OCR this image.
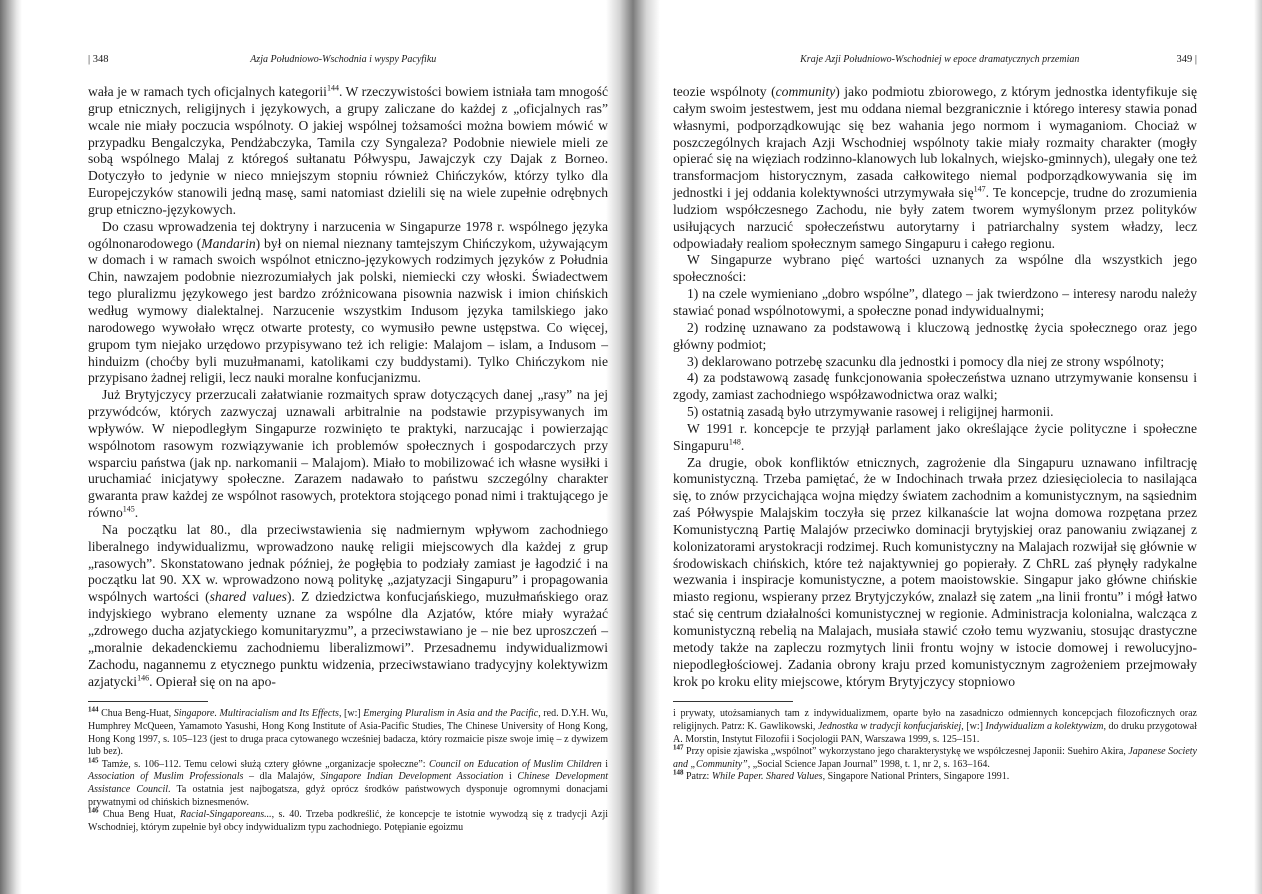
| 348	Azja Południowo-Wschodnia i wyspy Pacyfiku

wała je w ramach tych oficjalnych kategorii$^{144}$. W rzeczywistości bowiem istniała tam mnogość grup etnicznych, religijnych i językowych, a grupy zaliczane do każdej z „oficjalnych ras” wcale nie miały poczucia wspólnoty. O jakiej wspólnej tożsamości można bowiem mówić w przypadku Bengalczyka, Pendżabczyka, Tamila czy Syngaleza? Podobnie niewiele mieli ze sobą wspólnego Malaj z któregoś sułtanatu Półwyspu, Jawajczyk czy Dajak z Borneo. Dotyczyło to jedynie w nieco mniejszym stopniu również Chińczyków, którzy tylko dla Europejczyków stanowili jedną masę, sami natomiast dzielili się na wiele zupełnie odrębnych grup etniczno-językowych.

Do czasu wprowadzenia tej doktryny i narzucenia w Singapurze 1978 r. wspólnego języka ogólnonarodowego (Mandarin) był on niemal nieznany tamtejszym Chińczykom, używającym w domach i w ramach swoich wspólnot etniczno-językowych rodzimych języków z Południa Chin, nawzajem podobnie niezrozumiałych jak polski, niemiecki czy włoski. Świadectwem tego pluralizmu językowego jest bardzo zróżnicowana pisownia nazwisk i imion chińskich według wymowy dialektalnej. Narzucenie wszystkim Indusom języka tamilskiego jako narodowego wywołało wręcz otwarte protesty, co wymusiło pewne ustępstwa. Co więcej, grupom tym niejako urzędowo przypisywano też ich religie: Malajom – islam, a Indusom – hinduizm (choćby byli muzułmanami, katolikami czy buddystami). Tylko Chińczykom nie przypisano żadnej religii, lecz nauki moralne konfucjanizmu.

Już Brytyjczycy przerzucali załatwianie rozmaitych spraw dotyczących danej „rasy” na jej przywódców, których zazwyczaj uznawali arbitralnie na podstawie przypisywanych im wpływów. W niepodległym Singapurze rozwinięto te praktyki, narzucając i powierzając wspólnotom rasowym rozwiązywanie ich problemów społecznych i gospodarczych przy wsparciu państwa (jak np. narkomanii – Malajom). Miało to mobilizować ich własne wysiłki i uruchamiać inicjatywy społeczne. Zarazem nadawało to państwu szczególny charakter gwaranta praw każdej ze wspólnot rasowych, protektora stojącego ponad nimi i traktującego je równo$^{145}$.

Na początku lat 80., dla przeciwstawienia się nadmiernym wpływom zachodniego liberalnego indywidualizmu, wprowadzono naukę religii miejscowych dla każdej z grup „rasowych”. Skonstatowano jednak później, że pogłębia to podziały zamiast je łagodzić i na początku lat 90. XX w. wprowadzono nową politykę „azjatyzacji Singapuru” i propagowania wspólnych wartości (shared values). Z dziedzictwa konfucjańskiego, muzułmańskiego oraz indyjskiego wybrano elementy uznane za wspólne dla Azjatów, które miały wyrażać „zdrowego ducha azjatyckiego komunitaryzmu”, a przeciwstawiano je – nie bez uproszczeń – „moralnie dekadenckiemu zachodniemu liberalizmowi”. Przesadnemu indywidualizmowi Zachodu, nagannemu z etycznego punktu widzenia, przeciwstawiano tradycyjny kolektywizm azjatycki$^{146}$. Opierał się on na apo-

$^{144}$ Chua Beng-Huat, Singapore. Multiracialism and Its Effects, [w:] Emerging Pluralism in Asia and the Pacific, red. D.Y.H. Wu, Humphrey McQueen, Yamamoto Yasushi, Hong Kong Institute of Asia-Pacific Studies, The Chinese University of Hong Kong, Hong Kong 1997, s. 105–123 (jest to druga praca cytowanego wcześniej badacza, który rozmaicie pisze swoje imię – z dywizem lub bez).

$^{145}$ Tamże, s. 106–112. Temu celowi służą cztery główne „organizacje społeczne”: Council on Education of Muslim Children i Association of Muslim Professionals – dla Malajów, Singapore Indian Development Association i Chinese Development Assistance Council. Ta ostatnia jest najbogatsza, gdyż oprócz środków państwowych dysponuje ogromnymi donacjami prywatnymi od chińskich biznesmenów.

$^{146}$ Chua Beng Huat, Racial-Singaporeans..., s. 40. Trzeba podkreślić, że koncepcje te istotnie wywodzą się z tradycji Azji Wschodniej, którym zupełnie był obcy indywidualizm typu zachodniego. Potępianie egoizmu

Kraje Azji Południowo-Wschodniej w epoce dramatycznych przemian	349 |

teozie wspólnoty (community) jako podmiotu zbiorowego, z którym jednostka identyfikuje się całym swoim jestestwem, jest mu oddana niemal bezgranicznie i którego interesy stawia ponad własnymi, podporządkowując się bez wahania jego normom i wymaganiom. Chociaż w poszczególnych krajach Azji Wschodniej wspólnoty takie miały rozmaity charakter (mogły opierać się na więziach rodzinno-klanowych lub lokalnych, wiejsko-gminnych), ulegały one też transformacjom historycznym, zasada całkowitego niemal podporządkowywania się im jednostki i jej oddania kolektywności utrzymywała się$^{147}$. Te koncepcje, trudne do zrozumienia ludziom współczesnego Zachodu, nie były zatem tworem wymyślonym przez polityków usiłujących narzucić społeczeństwu autorytarny i patriarchalny system władzy, lecz odpowiadały realiom społecznym samego Singapuru i całego regionu.

W Singapurze wybrano pięć wartości uznanych za wspólne dla wszystkich jego społeczności:

1) na czele wymieniano „dobro wspólne”, dlatego – jak twierdzono – interesy narodu należy stawiać ponad wspólnotowymi, a społeczne ponad indywidualnymi;

2) rodzinę uznawano za podstawową i kluczową jednostkę życia społecznego oraz jego główny podmiot;

3) deklarowano potrzebę szacunku dla jednostki i pomocy dla niej ze strony wspólnoty;

4) za podstawową zasadę funkcjonowania społeczeństwa uznano utrzymywanie konsensu i zgody, zamiast zachodniego współzawodnictwa oraz walki;

5) ostatnią zasadą było utrzymywanie rasowej i religijnej harmonii.

W 1991 r. koncepcje te przyjął parlament jako określające życie polityczne i społeczne Singapuru$^{148}$.

Za drugie, obok konfliktów etnicznych, zagrożenie dla Singapuru uznawano infiltrację komunistyczną. Trzeba pamiętać, że w Indochinach trwała przez dziesięciolecia to nasilająca się, to znów przycichająca wojna między światem zachodnim a komunistycznym, na sąsiednim zaś Półwyspie Malajskim toczyła się przez kilkanaście lat wojna domowa rozpętana przez Komunistyczną Partię Malajów przeciwko dominacji brytyjskiej oraz panowaniu związanej z kolonizatorami arystokracji rodzimej. Ruch komunistyczny na Malajach rozwijał się głównie w środowiskach chińskich, które też najaktywniej go popierały. Z ChRL zaś płynęły radykalne wezwania i inspiracje komunistyczne, a potem maoistowskie. Singapur jako główne chińskie miasto regionu, wspierany przez Brytyjczyków, znalazł się zatem „na linii frontu” i mógł łatwo stać się centrum działalności komunistycznej w regionie. Administracja kolonialna, walcząca z komunistyczną rebelią na Malajach, musiała stawić czoło temu wyzwaniu, stosując drastyczne metody także na zapleczu rozmytych linii frontu wojny w istocie domowej i rewolucyjno-niepodległościowej. Zadania obrony kraju przed komunistycznym zagrożeniem przejmowały krok po kroku elity miejscowe, którym Brytyjczycy stopniowo

i prywaty, utożsamianych tam z indywidualizmem, oparte było na zasadniczo odmiennych koncepcjach filozoficznych oraz religijnych. Patrz: K. Gawlikowski, Jednostka w tradycji konfucjańskiej, [w:] Indywidualizm a kolektywizm, do druku przygotował A. Morstin, Instytut Filozofii i Socjologii PAN, Warszawa 1999, s. 125–151.

$^{147}$ Przy opisie zjawiska „wspólnot” wykorzystano jego charakterystykę we współczesnej Japonii: Suehiro Akira, Japanese Society and „Community”, „Social Science Japan Journal” 1998, t. 1, nr 2, s. 163–164.

$^{148}$ Patrz: While Paper. Shared Values, Singapore National Printers, Singapore 1991.
